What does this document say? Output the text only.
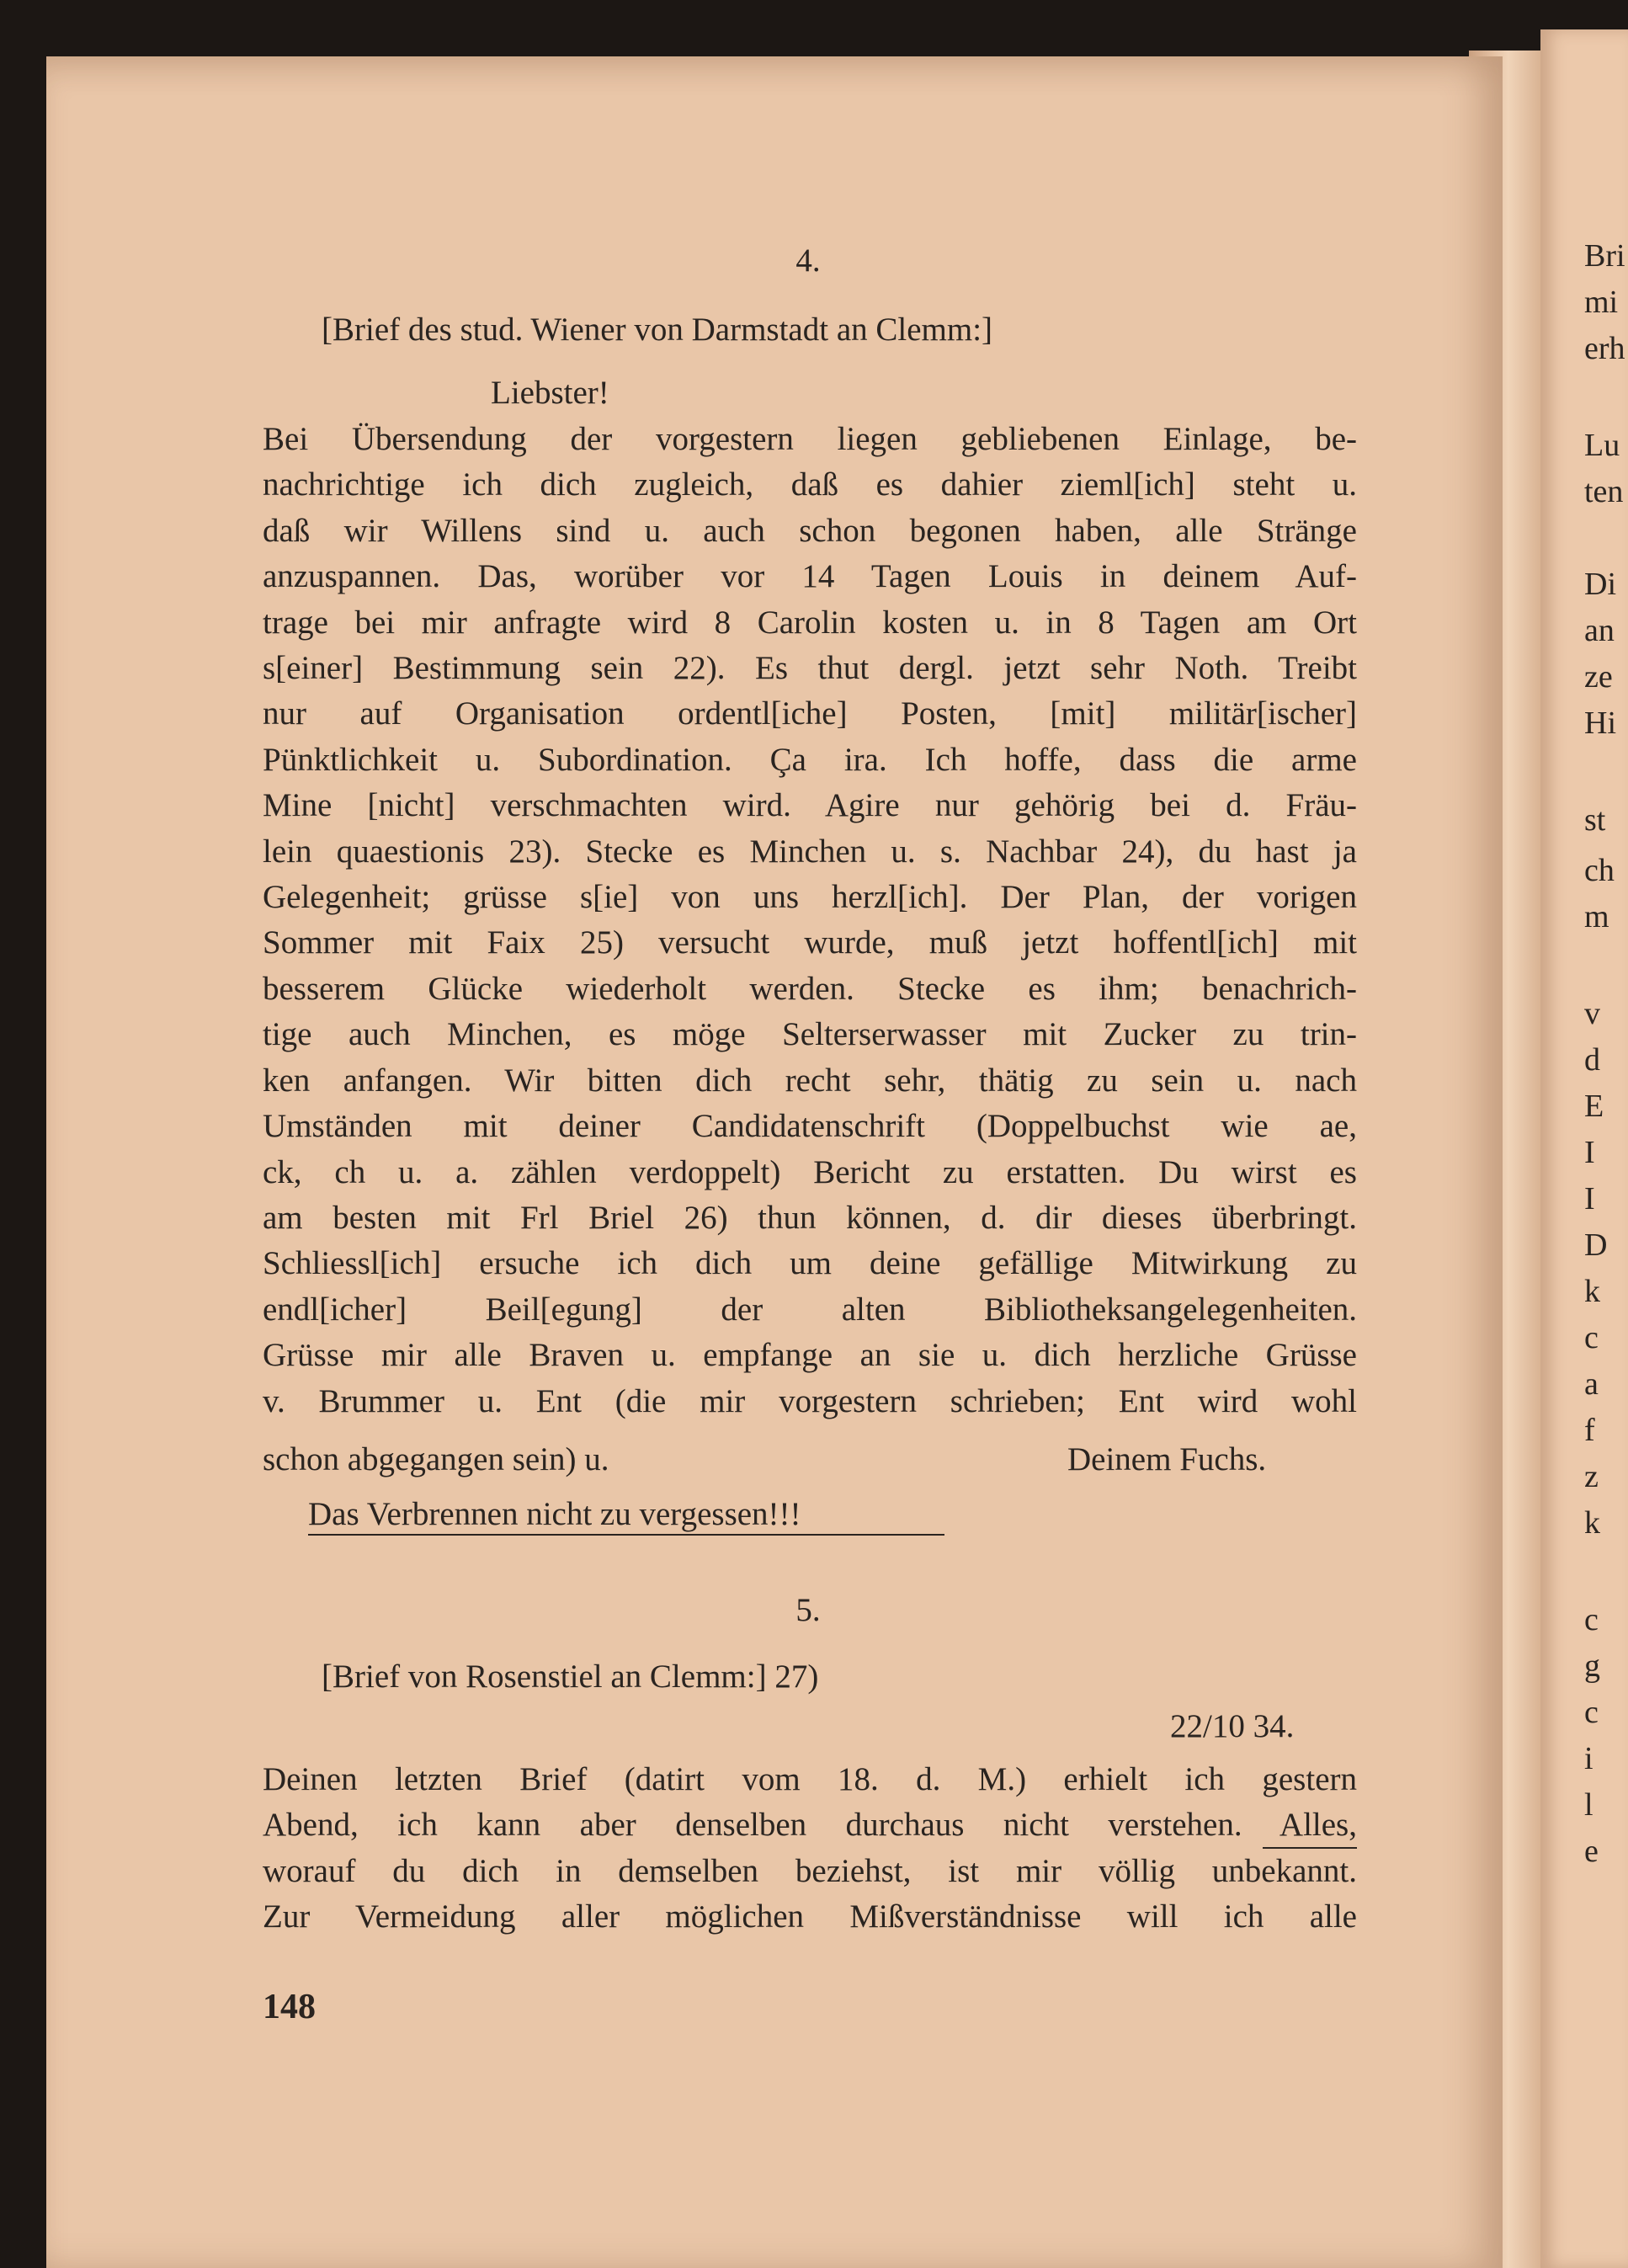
Bri
mi
erh
Lu
ten
Di
an
ze
Hi
st
ch
m
v
d
E
I
I
D
k
c
a
f
z
k
c
g
c
i
l
e
4.
[Brief des stud. Wiener von Darmstadt an Clemm:]
Liebster!
Bei Übersendung der vorgestern liegen gebliebenen Einlage, be-
nachrichtige ich dich zugleich, daß es dahier zieml[ich] steht u.
daß wir Willens sind u. auch schon begonen haben, alle Stränge
anzuspannen. Das, worüber vor 14 Tagen Louis in deinem Auf-
trage bei mir anfragte wird 8 Carolin kosten u. in 8 Tagen am Ort
s[einer] Bestimmung sein 22). Es thut dergl. jetzt sehr Noth. Treibt
nur auf Organisation ordentl[iche] Posten, [mit] militär[ischer]
Pünktlichkeit u. Subordination. Ça ira. Ich hoffe, dass die arme
Mine [nicht] verschmachten wird. Agire nur gehörig bei d. Fräu-
lein quaestionis 23). Stecke es Minchen u. s. Nachbar 24), du hast ja
Gelegenheit; grüsse s[ie] von uns herzl[ich]. Der Plan, der vorigen
Sommer mit Faix 25) versucht wurde, muß jetzt hoffentl[ich] mit
besserem Glücke wiederholt werden. Stecke es ihm; benachrich-
tige auch Minchen, es möge Selterserwasser mit Zucker zu trin-
ken anfangen. Wir bitten dich recht sehr, thätig zu sein u. nach
Umständen mit deiner Candidatenschrift (Doppelbuchst wie ae,
ck, ch u. a. zählen verdoppelt) Bericht zu erstatten. Du wirst es
am besten mit Frl Briel 26) thun können, d. dir dieses überbringt.
Schliessl[ich] ersuche ich dich um deine gefällige Mitwirkung zu
endl[icher] Beil[egung] der alten Bibliotheksangelegenheiten.
Grüsse mir alle Braven u. empfange an sie u. dich herzliche Grüsse
v. Brummer u. Ent (die mir vorgestern schrieben; Ent wird wohl
schon abgegangen sein) u.	Deinem Fuchs.
Das Verbrennen nicht zu vergessen!!!
5.
[Brief von Rosenstiel an Clemm:] 27)
22/10 34.
Deinen letzten Brief (datirt vom 18. d. M.) erhielt ich gestern
Abend, ich kann aber denselben durchaus nicht verstehen. Alles,
worauf du dich in demselben beziehst, ist mir völlig unbekannt.
Zur Vermeidung aller möglichen Mißverständnisse will ich alle
148
